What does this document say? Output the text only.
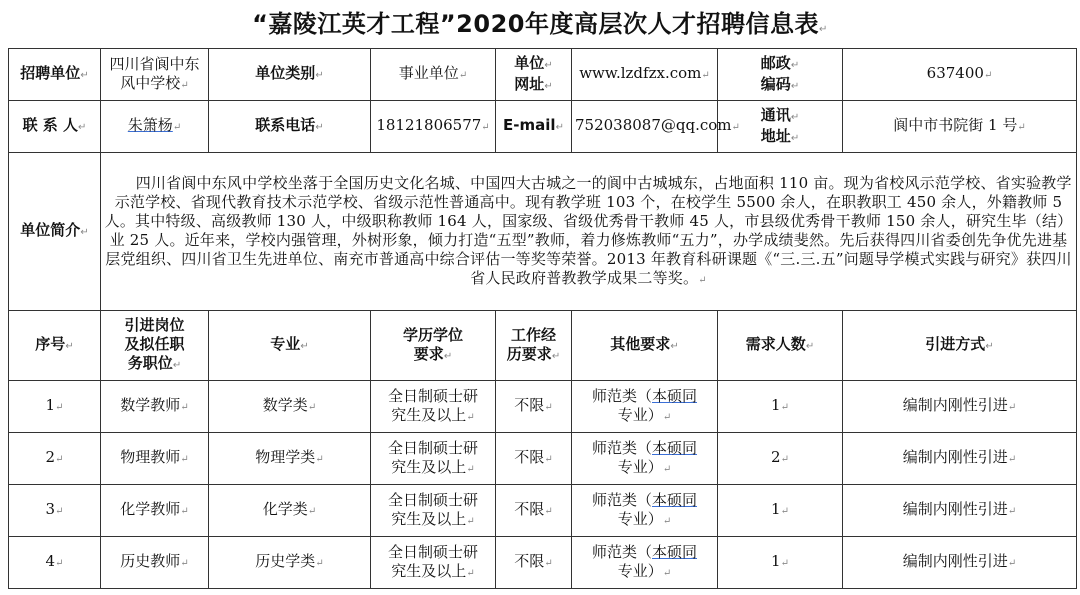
“嘉陵江英才工程”2020年度高层次人才招聘信息表↵
招聘单位↵	四川省阆中东风中学校↵	单位类别↵	事业单位↵	单位↵
网址↵	www.lzdfzx.com↵	邮政↵
编码↵	637400↵
联 系 人↵	朱箫杨↵	联系电话↵	18121806577↵	E-mail↵	752038087@qq.com↵	通讯↵
地址↵	阆中市书院街 1 号↵
单位简介↵	　　四川省阆中东风中学校坐落于全国历史文化名城、中国四大古城之一的阆中古城城东，占地面积 110 亩。现为省校风示范学校、省实验教学示范学校、省现代教育技术示范学校、省级示范性普通高中。现有教学班 103 个，在校学生 5500 余人，在职教职工 450 余人，外籍教师 5 人。其中特级、高级教师 130 人，中级职称教师 164 人，国家级、省级优秀骨干教师 45 人，市县级优秀骨干教师 150 余人，研究生毕（结）业 25 人。近年来，学校内强管理，外树形象，倾力打造“五型”教师，着力修炼教师“五力”，办学成绩斐然。先后获得四川省委创先争优先进基层党组织、四川省卫生先进单位、南充市普通高中综合评估一等奖等荣誉。2013 年教育科研课题《“三.三.五”问题导学模式实践与研究》获四川省人民政府普教教学成果二等奖。↵						
序号↵	引进岗位
及拟任职
务职位↵	专业↵	学历学位
要求↵	工作经
历要求↵	其他要求↵	需求人数↵	引进方式↵
1↵	数学教师↵	数学类↵	全日制硕士研
究生及以上↵	不限↵	师范类（本硕同
专业）↵	1↵	编制内刚性引进↵
2↵	物理教师↵	物理学类↵	全日制硕士研
究生及以上↵	不限↵	师范类（本硕同
专业）↵	2↵	编制内刚性引进↵
3↵	化学教师↵	化学类↵	全日制硕士研
究生及以上↵	不限↵	师范类（本硕同
专业）↵	1↵	编制内刚性引进↵
4↵	历史教师↵	历史学类↵	全日制硕士研
究生及以上↵	不限↵	师范类（本硕同
专业）↵	1↵	编制内刚性引进↵
